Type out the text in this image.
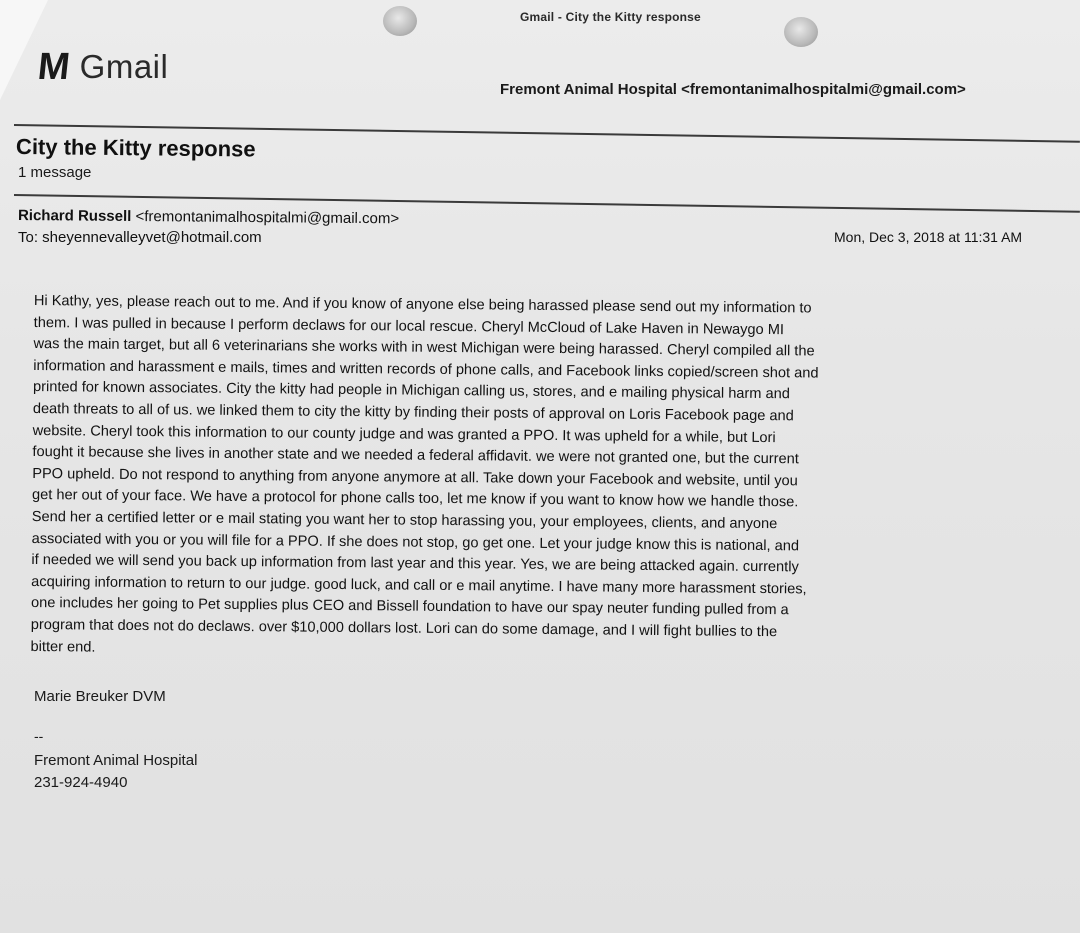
Gmail - City the Kitty response
M Gmail
Fremont Animal Hospital <fremontanimalhospitalmi@gmail.com>
City the Kitty response
1 message
Richard Russell <fremontanimalhospitalmi@gmail.com>
To: sheyennevalleyvet@hotmail.com	Mon, Dec 3, 2018 at 11:31 AM
Hi Kathy, yes, please reach out to me. And if you know of anyone else being harassed please send out my information to
them. I was pulled in because I perform declaws for our local rescue. Cheryl McCloud of Lake Haven in Newaygo MI
was the main target, but all 6 veterinarians she works with in west Michigan were being harassed. Cheryl compiled all the
information and harassment e mails, times and written records of phone calls, and Facebook links copied/screen shot and
printed for known associates. City the kitty had people in Michigan calling us, stores, and e mailing physical harm and
death threats to all of us. we linked them to city the kitty by finding their posts of approval on Loris Facebook page and
website. Cheryl took this information to our county judge and was granted a PPO. It was upheld for a while, but Lori
fought it because she lives in another state and we needed a federal affidavit. we were not granted one, but the current
PPO upheld. Do not respond to anything from anyone anymore at all. Take down your Facebook and website, until you
get her out of your face. We have a protocol for phone calls too, let me know if you want to know how we handle those.
Send her a certified letter or e mail stating you want her to stop harassing you, your employees, clients, and anyone
associated with you or you will file for a PPO. If she does not stop, go get one. Let your judge know this is national, and
if needed we will send you back up information from last year and this year. Yes, we are being attacked again. currently
acquiring information to return to our judge. good luck, and call or e mail anytime. I have many more harassment stories,
one includes her going to Pet supplies plus CEO and Bissell foundation to have our spay neuter funding pulled from a
program that does not do declaws. over $10,000 dollars lost. Lori can do some damage, and I will fight bullies to the
bitter end.
Marie Breuker DVM
--
Fremont Animal Hospital
231-924-4940
